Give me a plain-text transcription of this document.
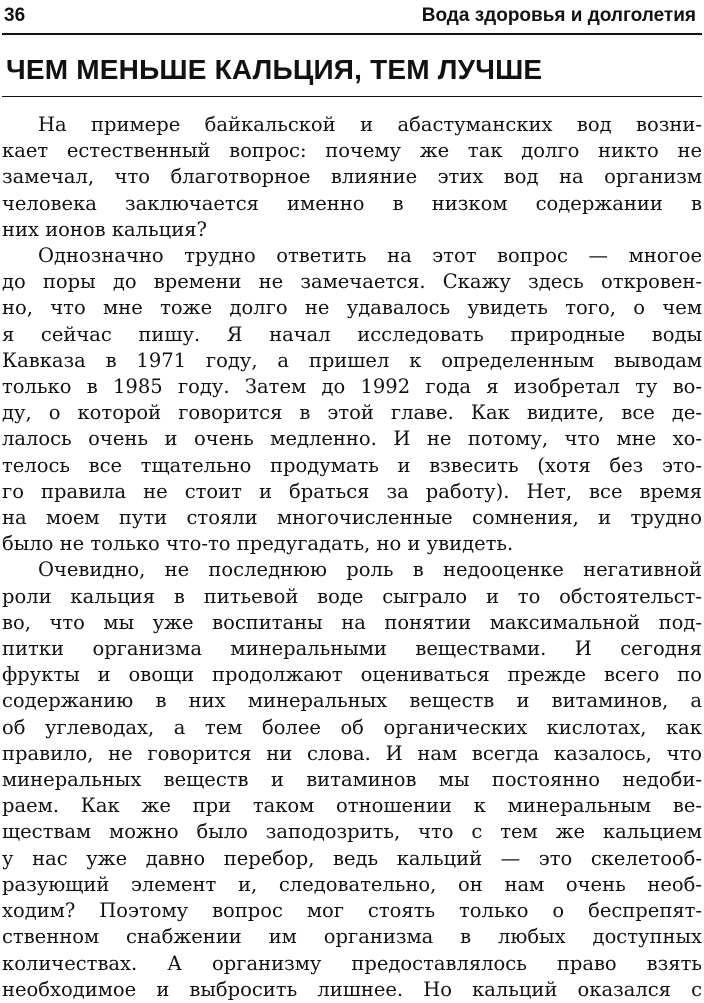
36	Вода здоровья и долголетия
ЧЕМ МЕНЬШЕ КАЛЬЦИЯ, ТЕМ ЛУЧШЕ

На примере байкальской и абастуманских вод возни-
кает естественный вопрос: почему же так долго никто не
замечал, что благотворное влияние этих вод на организм
человека заключается именно в низком содержании в
них ионов кальция?

Однозначно трудно ответить на этот вопрос — многое
до поры до времени не замечается. Скажу здесь откровен-
но, что мне тоже долго не удавалось увидеть того, о чем
я сейчас пишу. Я начал исследовать природные воды
Кавказа в 1971 году, а пришел к определенным выводам
только в 1985 году. Затем до 1992 года я изобретал ту во-
ду, о которой говорится в этой главе. Как видите, все де-
лалось очень и очень медленно. И не потому, что мне хо-
телось все тщательно продумать и взвесить (хотя без это-
го правила не стоит и браться за работу). Нет, все время
на моем пути стояли многочисленные сомнения, и трудно
было не только что-то предугадать, но и увидеть.

Очевидно, не последнюю роль в недооценке негативной
роли кальция в питьевой воде сыграло и то обстоятельст-
во, что мы уже воспитаны на понятии максимальной под-
питки организма минеральными веществами. И сегодня
фрукты и овощи продолжают оцениваться прежде всего по
содержанию в них минеральных веществ и витаминов, а
об углеводах, а тем более об органических кислотах, как
правило, не говорится ни слова. И нам всегда казалось, что
минеральных веществ и витаминов мы постоянно недоби-
раем. Как же при таком отношении к минеральным ве-
ществам можно было заподозрить, что с тем же кальцием
у нас уже давно перебор, ведь кальций — это скелетооб-
разующий элемент и, следовательно, он нам очень необ-
ходим? Поэтому вопрос мог стоять только о беспрепят-
ственном снабжении им организма в любых доступных
количествах. А организму предоставлялось право взять
необходимое и выбросить лишнее. Но кальций оказался с
